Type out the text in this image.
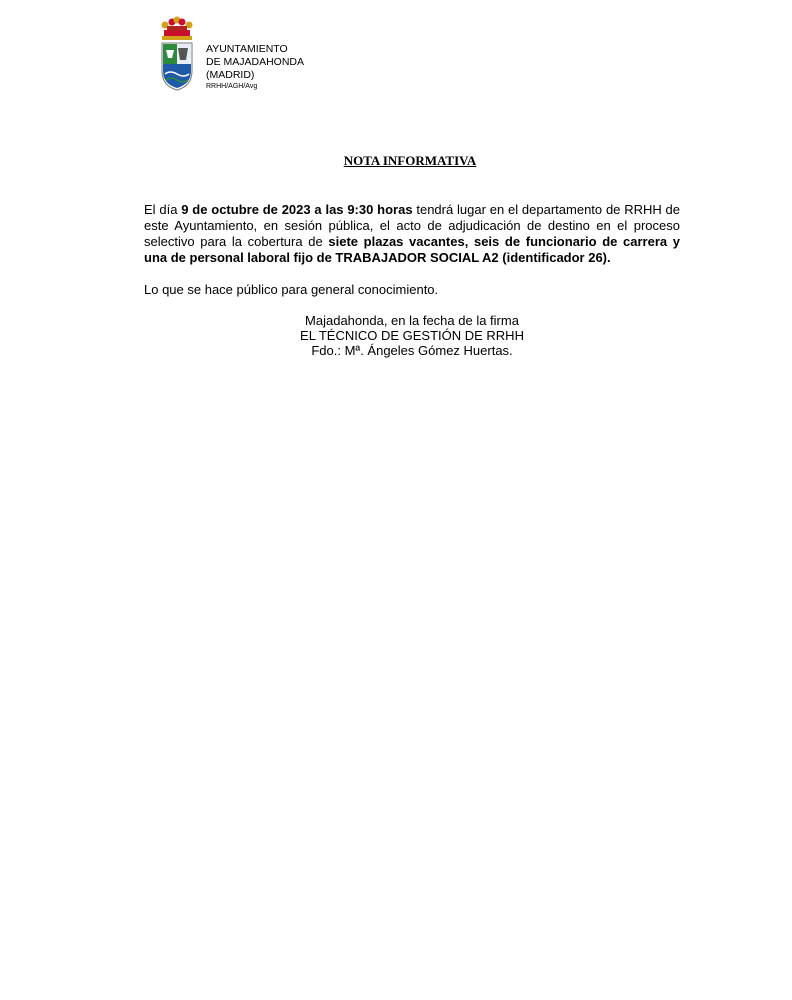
AYUNTAMIENTO
DE MAJADAHONDA
(MADRID)
RRHH/AGH/Avg
NOTA INFORMATIVA
El día 9 de octubre de 2023 a las 9:30 horas tendrá lugar en el departamento de RRHH de este Ayuntamiento, en sesión pública, el acto de adjudicación de destino en el proceso selectivo para la cobertura de siete plazas vacantes, seis de funcionario de carrera y una de personal laboral fijo de TRABAJADOR SOCIAL A2 (identificador 26).
Lo que se hace público para general conocimiento.
Majadahonda, en la fecha de la firma
EL TÉCNICO DE GESTIÓN DE RRHH
Fdo.: Mª. Ángeles Gómez Huertas.
